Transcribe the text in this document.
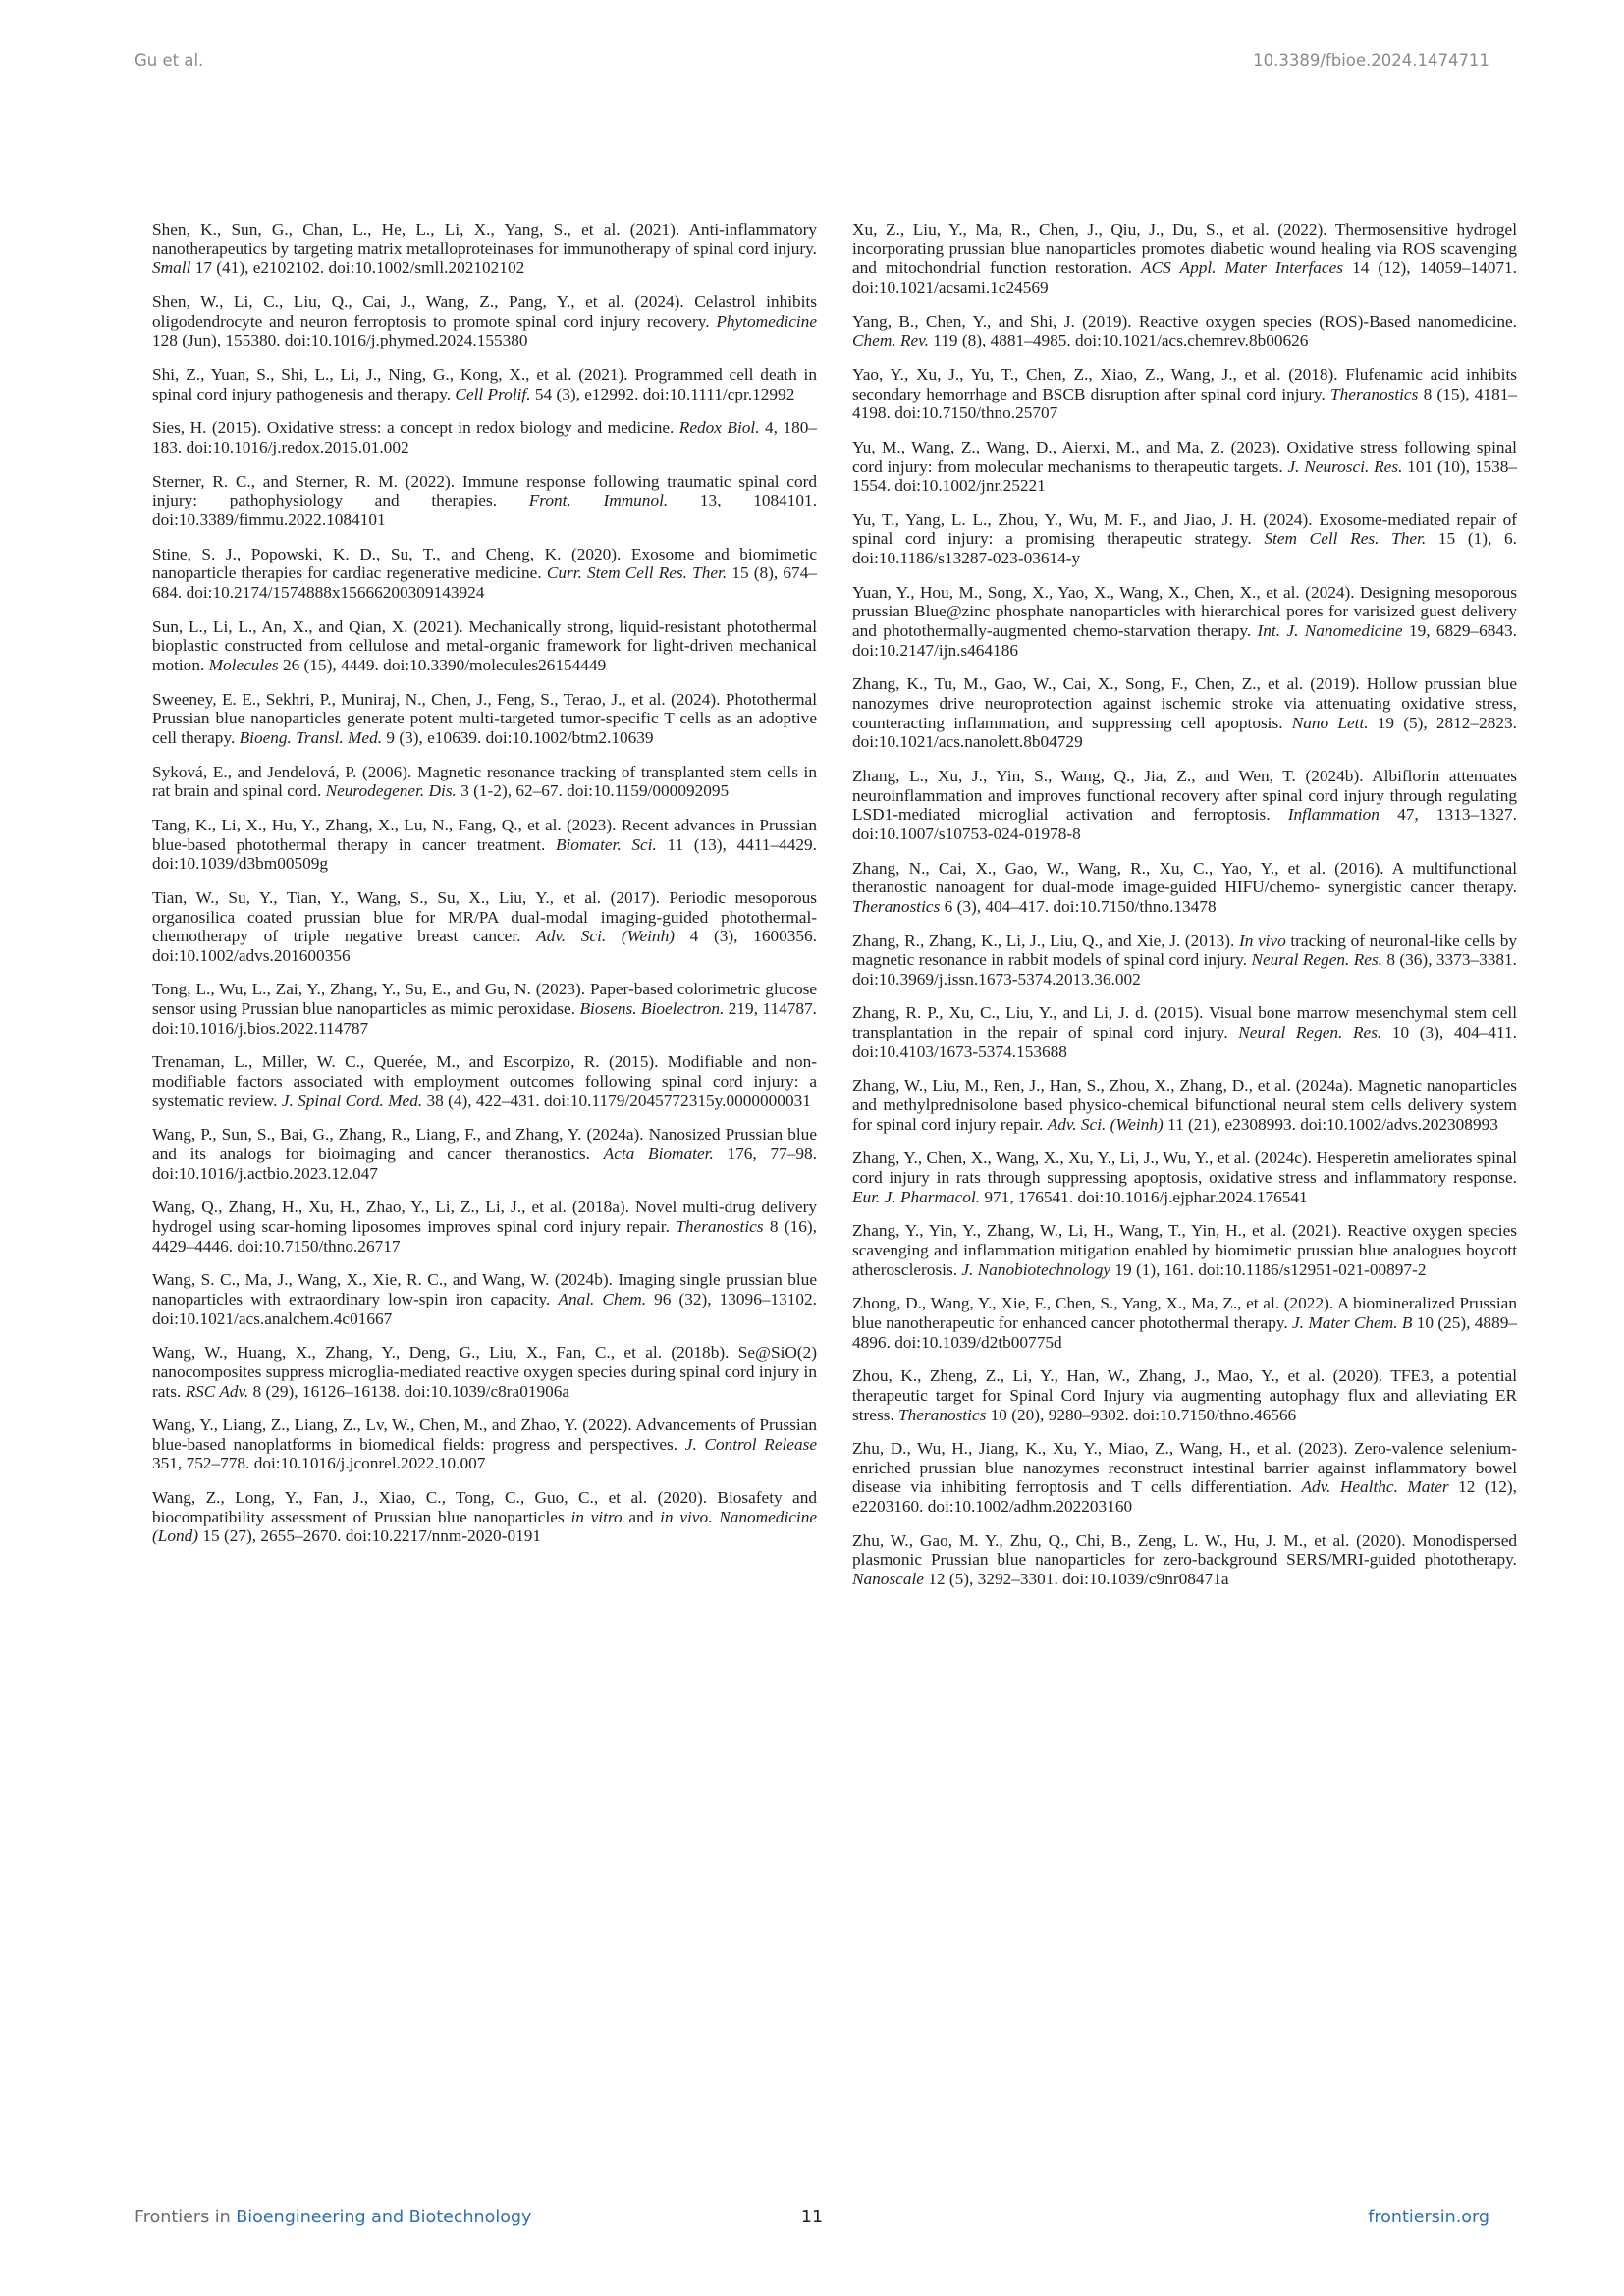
Gu et al.	10.3389/fbioe.2024.1474711

Shen, K., Sun, G., Chan, L., He, L., Li, X., Yang, S., et al. (2021). Anti-inflammatory nanotherapeutics by targeting matrix metalloproteinases for immunotherapy of spinal cord injury. Small 17 (41), e2102102. doi:10.1002/smll.202102102

Shen, W., Li, C., Liu, Q., Cai, J., Wang, Z., Pang, Y., et al. (2024). Celastrol inhibits oligodendrocyte and neuron ferroptosis to promote spinal cord injury recovery. Phytomedicine 128 (Jun), 155380. doi:10.1016/j.phymed.2024.155380

Shi, Z., Yuan, S., Shi, L., Li, J., Ning, G., Kong, X., et al. (2021). Programmed cell death in spinal cord injury pathogenesis and therapy. Cell Prolif. 54 (3), e12992. doi:10.1111/cpr.12992

Sies, H. (2015). Oxidative stress: a concept in redox biology and medicine. Redox Biol. 4, 180–183. doi:10.1016/j.redox.2015.01.002

Sterner, R. C., and Sterner, R. M. (2022). Immune response following traumatic spinal cord injury: pathophysiology and therapies. Front. Immunol. 13, 1084101. doi:10.3389/fimmu.2022.1084101

Stine, S. J., Popowski, K. D., Su, T., and Cheng, K. (2020). Exosome and biomimetic nanoparticle therapies for cardiac regenerative medicine. Curr. Stem Cell Res. Ther. 15 (8), 674–684. doi:10.2174/1574888x15666200309143924

Sun, L., Li, L., An, X., and Qian, X. (2021). Mechanically strong, liquid-resistant photothermal bioplastic constructed from cellulose and metal-organic framework for light-driven mechanical motion. Molecules 26 (15), 4449. doi:10.3390/molecules26154449

Sweeney, E. E., Sekhri, P., Muniraj, N., Chen, J., Feng, S., Terao, J., et al. (2024). Photothermal Prussian blue nanoparticles generate potent multi-targeted tumor-specific T cells as an adoptive cell therapy. Bioeng. Transl. Med. 9 (3), e10639. doi:10.1002/btm2.10639

Syková, E., and Jendelová, P. (2006). Magnetic resonance tracking of transplanted stem cells in rat brain and spinal cord. Neurodegener. Dis. 3 (1-2), 62–67. doi:10.1159/000092095

Tang, K., Li, X., Hu, Y., Zhang, X., Lu, N., Fang, Q., et al. (2023). Recent advances in Prussian blue-based photothermal therapy in cancer treatment. Biomater. Sci. 11 (13), 4411–4429. doi:10.1039/d3bm00509g

Tian, W., Su, Y., Tian, Y., Wang, S., Su, X., Liu, Y., et al. (2017). Periodic mesoporous organosilica coated prussian blue for MR/PA dual-modal imaging-guided photothermal-chemotherapy of triple negative breast cancer. Adv. Sci. (Weinh) 4 (3), 1600356. doi:10.1002/advs.201600356

Tong, L., Wu, L., Zai, Y., Zhang, Y., Su, E., and Gu, N. (2023). Paper-based colorimetric glucose sensor using Prussian blue nanoparticles as mimic peroxidase. Biosens. Bioelectron. 219, 114787. doi:10.1016/j.bios.2022.114787

Trenaman, L., Miller, W. C., Querée, M., and Escorpizo, R. (2015). Modifiable and non-modifiable factors associated with employment outcomes following spinal cord injury: a systematic review. J. Spinal Cord. Med. 38 (4), 422–431. doi:10.1179/2045772315y.0000000031

Wang, P., Sun, S., Bai, G., Zhang, R., Liang, F., and Zhang, Y. (2024a). Nanosized Prussian blue and its analogs for bioimaging and cancer theranostics. Acta Biomater. 176, 77–98. doi:10.1016/j.actbio.2023.12.047

Wang, Q., Zhang, H., Xu, H., Zhao, Y., Li, Z., Li, J., et al. (2018a). Novel multi-drug delivery hydrogel using scar-homing liposomes improves spinal cord injury repair. Theranostics 8 (16), 4429–4446. doi:10.7150/thno.26717

Wang, S. C., Ma, J., Wang, X., Xie, R. C., and Wang, W. (2024b). Imaging single prussian blue nanoparticles with extraordinary low-spin iron capacity. Anal. Chem. 96 (32), 13096–13102. doi:10.1021/acs.analchem.4c01667

Wang, W., Huang, X., Zhang, Y., Deng, G., Liu, X., Fan, C., et al. (2018b). Se@SiO(2) nanocomposites suppress microglia-mediated reactive oxygen species during spinal cord injury in rats. RSC Adv. 8 (29), 16126–16138. doi:10.1039/c8ra01906a

Wang, Y., Liang, Z., Liang, Z., Lv, W., Chen, M., and Zhao, Y. (2022). Advancements of Prussian blue-based nanoplatforms in biomedical fields: progress and perspectives. J. Control Release 351, 752–778. doi:10.1016/j.jconrel.2022.10.007

Wang, Z., Long, Y., Fan, J., Xiao, C., Tong, C., Guo, C., et al. (2020). Biosafety and biocompatibility assessment of Prussian blue nanoparticles in vitro and in vivo. Nanomedicine (Lond) 15 (27), 2655–2670. doi:10.2217/nnm-2020-0191

Xu, Z., Liu, Y., Ma, R., Chen, J., Qiu, J., Du, S., et al. (2022). Thermosensitive hydrogel incorporating prussian blue nanoparticles promotes diabetic wound healing via ROS scavenging and mitochondrial function restoration. ACS Appl. Mater Interfaces 14 (12), 14059–14071. doi:10.1021/acsami.1c24569

Yang, B., Chen, Y., and Shi, J. (2019). Reactive oxygen species (ROS)-Based nanomedicine. Chem. Rev. 119 (8), 4881–4985. doi:10.1021/acs.chemrev.8b00626

Yao, Y., Xu, J., Yu, T., Chen, Z., Xiao, Z., Wang, J., et al. (2018). Flufenamic acid inhibits secondary hemorrhage and BSCB disruption after spinal cord injury. Theranostics 8 (15), 4181–4198. doi:10.7150/thno.25707

Yu, M., Wang, Z., Wang, D., Aierxi, M., and Ma, Z. (2023). Oxidative stress following spinal cord injury: from molecular mechanisms to therapeutic targets. J. Neurosci. Res. 101 (10), 1538–1554. doi:10.1002/jnr.25221

Yu, T., Yang, L. L., Zhou, Y., Wu, M. F., and Jiao, J. H. (2024). Exosome-mediated repair of spinal cord injury: a promising therapeutic strategy. Stem Cell Res. Ther. 15 (1), 6. doi:10.1186/s13287-023-03614-y

Yuan, Y., Hou, M., Song, X., Yao, X., Wang, X., Chen, X., et al. (2024). Designing mesoporous prussian Blue@zinc phosphate nanoparticles with hierarchical pores for varisized guest delivery and photothermally-augmented chemo-starvation therapy. Int. J. Nanomedicine 19, 6829–6843. doi:10.2147/ijn.s464186

Zhang, K., Tu, M., Gao, W., Cai, X., Song, F., Chen, Z., et al. (2019). Hollow prussian blue nanozymes drive neuroprotection against ischemic stroke via attenuating oxidative stress, counteracting inflammation, and suppressing cell apoptosis. Nano Lett. 19 (5), 2812–2823. doi:10.1021/acs.nanolett.8b04729

Zhang, L., Xu, J., Yin, S., Wang, Q., Jia, Z., and Wen, T. (2024b). Albiflorin attenuates neuroinflammation and improves functional recovery after spinal cord injury through regulating LSD1-mediated microglial activation and ferroptosis. Inflammation 47, 1313–1327. doi:10.1007/s10753-024-01978-8

Zhang, N., Cai, X., Gao, W., Wang, R., Xu, C., Yao, Y., et al. (2016). A multifunctional theranostic nanoagent for dual-mode image-guided HIFU/chemo- synergistic cancer therapy. Theranostics 6 (3), 404–417. doi:10.7150/thno.13478

Zhang, R., Zhang, K., Li, J., Liu, Q., and Xie, J. (2013). In vivo tracking of neuronal-like cells by magnetic resonance in rabbit models of spinal cord injury. Neural Regen. Res. 8 (36), 3373–3381. doi:10.3969/j.issn.1673-5374.2013.36.002

Zhang, R. P., Xu, C., Liu, Y., and Li, J. d. (2015). Visual bone marrow mesenchymal stem cell transplantation in the repair of spinal cord injury. Neural Regen. Res. 10 (3), 404–411. doi:10.4103/1673-5374.153688

Zhang, W., Liu, M., Ren, J., Han, S., Zhou, X., Zhang, D., et al. (2024a). Magnetic nanoparticles and methylprednisolone based physico-chemical bifunctional neural stem cells delivery system for spinal cord injury repair. Adv. Sci. (Weinh) 11 (21), e2308993. doi:10.1002/advs.202308993

Zhang, Y., Chen, X., Wang, X., Xu, Y., Li, J., Wu, Y., et al. (2024c). Hesperetin ameliorates spinal cord injury in rats through suppressing apoptosis, oxidative stress and inflammatory response. Eur. J. Pharmacol. 971, 176541. doi:10.1016/j.ejphar.2024.176541

Zhang, Y., Yin, Y., Zhang, W., Li, H., Wang, T., Yin, H., et al. (2021). Reactive oxygen species scavenging and inflammation mitigation enabled by biomimetic prussian blue analogues boycott atherosclerosis. J. Nanobiotechnology 19 (1), 161. doi:10.1186/s12951-021-00897-2

Zhong, D., Wang, Y., Xie, F., Chen, S., Yang, X., Ma, Z., et al. (2022). A biomineralized Prussian blue nanotherapeutic for enhanced cancer photothermal therapy. J. Mater Chem. B 10 (25), 4889–4896. doi:10.1039/d2tb00775d

Zhou, K., Zheng, Z., Li, Y., Han, W., Zhang, J., Mao, Y., et al. (2020). TFE3, a potential therapeutic target for Spinal Cord Injury via augmenting autophagy flux and alleviating ER stress. Theranostics 10 (20), 9280–9302. doi:10.7150/thno.46566

Zhu, D., Wu, H., Jiang, K., Xu, Y., Miao, Z., Wang, H., et al. (2023). Zero-valence selenium-enriched prussian blue nanozymes reconstruct intestinal barrier against inflammatory bowel disease via inhibiting ferroptosis and T cells differentiation. Adv. Healthc. Mater 12 (12), e2203160. doi:10.1002/adhm.202203160

Zhu, W., Gao, M. Y., Zhu, Q., Chi, B., Zeng, L. W., Hu, J. M., et al. (2020). Monodispersed plasmonic Prussian blue nanoparticles for zero-background SERS/MRI-guided phototherapy. Nanoscale 12 (5), 3292–3301. doi:10.1039/c9nr08471a

Frontiers in Bioengineering and Biotechnology	11	frontiersin.org
